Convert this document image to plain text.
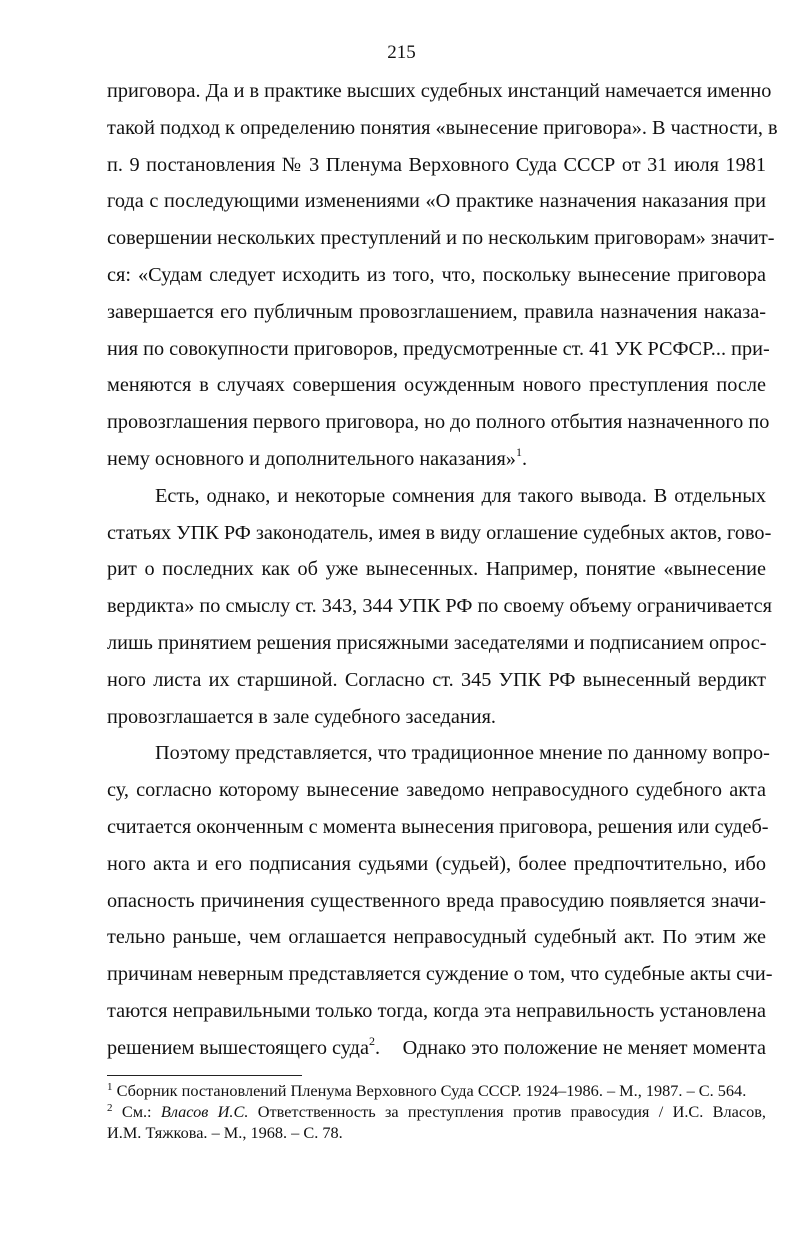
215
приговора. Да и в практике высших судебных инстанций намечается именно
такой подход к определению понятия «вынесение приговора». В частности, в
п. 9 постановления № 3 Пленума Верховного Суда СССР от 31 июля 1981
года с последующими изменениями «О практике назначения наказания при
совершении нескольких преступлений и по нескольким приговорам» значит-
ся: «Судам следует исходить из того, что, поскольку вынесение приговора
завершается его публичным провозглашением, правила назначения наказа-
ния по совокупности приговоров, предусмотренные ст. 41 УК РСФСР... при-
меняются в случаях совершения осужденным нового преступления после
провозглашения первого приговора, но до полного отбытия назначенного по
нему основного и дополнительного наказания»$^1$.
Есть, однако, и некоторые сомнения для такого вывода. В отдельных
статьях УПК РФ законодатель, имея в виду оглашение судебных актов, гово-
рит о последних как об уже вынесенных. Например, понятие «вынесение
вердикта» по смыслу ст. 343, 344 УПК РФ по своему объему ограничивается
лишь принятием решения присяжными заседателями и подписанием опрос-
ного листа их старшиной. Согласно ст. 345 УПК РФ вынесенный вердикт
провозглашается в зале судебного заседания.
Поэтому представляется, что традиционное мнение по данному вопро-
су, согласно которому вынесение заведомо неправосудного судебного акта
считается оконченным с момента вынесения приговора, решения или судеб-
ного акта и его подписания судьями (судьей), более предпочтительно, ибо
опасность причинения существенного вреда правосудию появляется значи-
тельно раньше, чем оглашается неправосудный судебный акт. По этим же
причинам неверным представляется суждение о том, что судебные акты счи-
таются неправильными только тогда, когда эта неправильность установлена
решением вышестоящего суда$^2$. Однако это положение не меняет момента
$^1$ Сборник постановлений Пленума Верховного Суда СССР. 1924–1986. – М., 1987. – С. 564.
$^2$ См.: Власов И.С. Ответственность за преступления против правосудия / И.С. Власов,
И.М. Тяжкова. – М., 1968. – С. 78.
